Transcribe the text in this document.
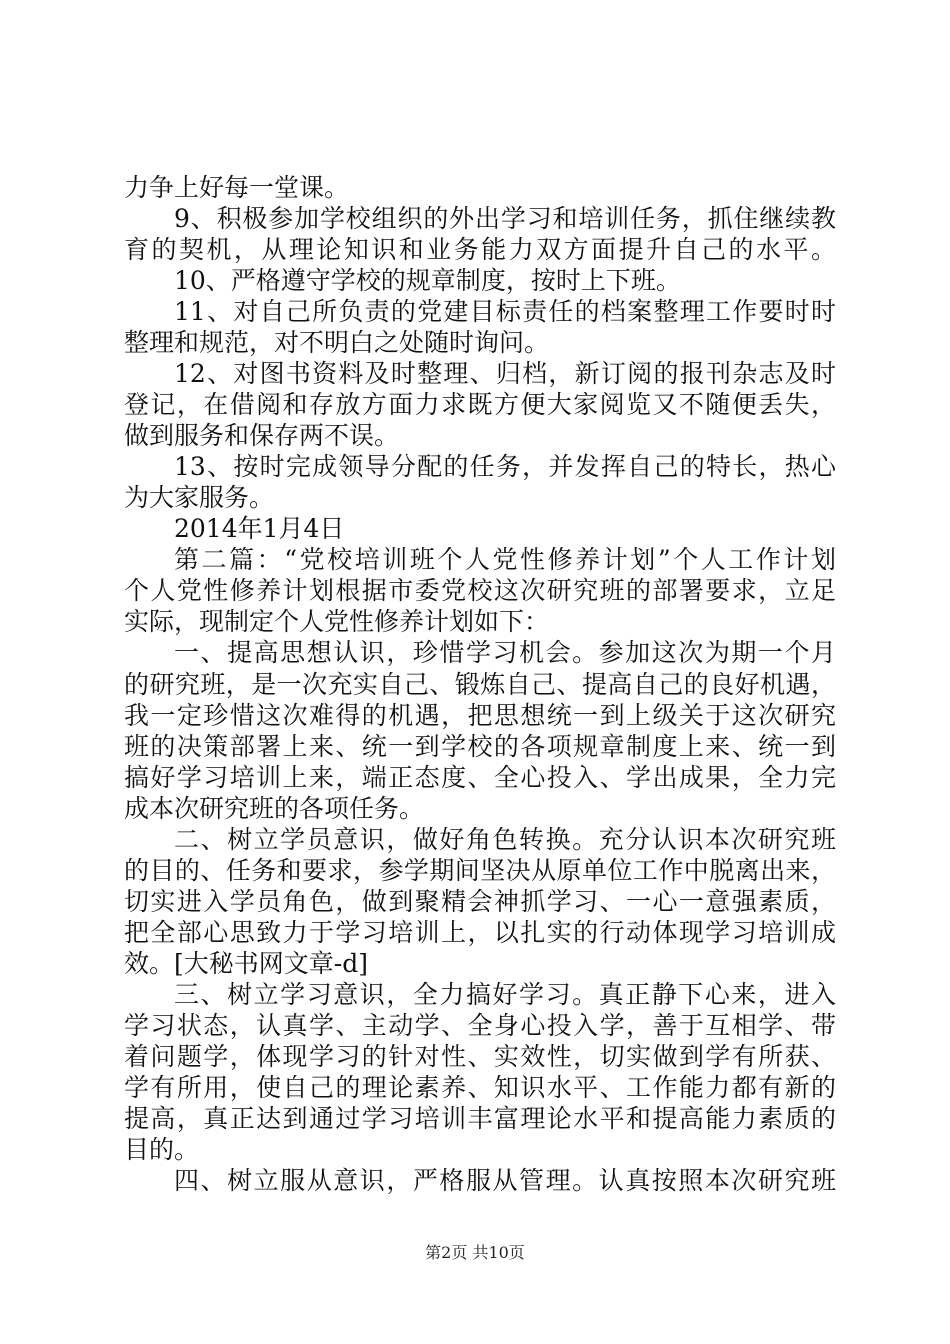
力争上好每一堂课。
9、积极参加学校组织的外出学习和培训任务，抓住继续教
育的契机，从理论知识和业务能力双方面提升自己的水平。
10、严格遵守学校的规章制度，按时上下班。
11、对自己所负责的党建目标责任的档案整理工作要时时
整理和规范，对不明白之处随时询问。
12、对图书资料及时整理、归档，新订阅的报刊杂志及时
登记，在借阅和存放方面力求既方便大家阅览又不随便丢失，
做到服务和保存两不误。
13、按时完成领导分配的任务，并发挥自己的特长，热心
为大家服务。
2014年1月4日
第二篇：“党校培训班个人党性修养计划”个人工作计划
个人党性修养计划根据市委党校这次研究班的部署要求，立足
实际，现制定个人党性修养计划如下：
一、提高思想认识，珍惜学习机会。参加这次为期一个月
的研究班，是一次充实自己、锻炼自己、提高自己的良好机遇，
我一定珍惜这次难得的机遇，把思想统一到上级关于这次研究
班的决策部署上来、统一到学校的各项规章制度上来、统一到
搞好学习培训上来，端正态度、全心投入、学出成果，全力完
成本次研究班的各项任务。
二、树立学员意识，做好角色转换。充分认识本次研究班
的目的、任务和要求，参学期间坚决从原单位工作中脱离出来，
切实进入学员角色，做到聚精会神抓学习、一心一意强素质，
把全部心思致力于学习培训上，以扎实的行动体现学习培训成
效。[大秘书网文章-d]
三、树立学习意识，全力搞好学习。真正静下心来，进入
学习状态，认真学、主动学、全身心投入学，善于互相学、带
着问题学，体现学习的针对性、实效性，切实做到学有所获、
学有所用，使自己的理论素养、知识水平、工作能力都有新的
提高，真正达到通过学习培训丰富理论水平和提高能力素质的
目的。
四、树立服从意识，严格服从管理。认真按照本次研究班
第2页 共10页
